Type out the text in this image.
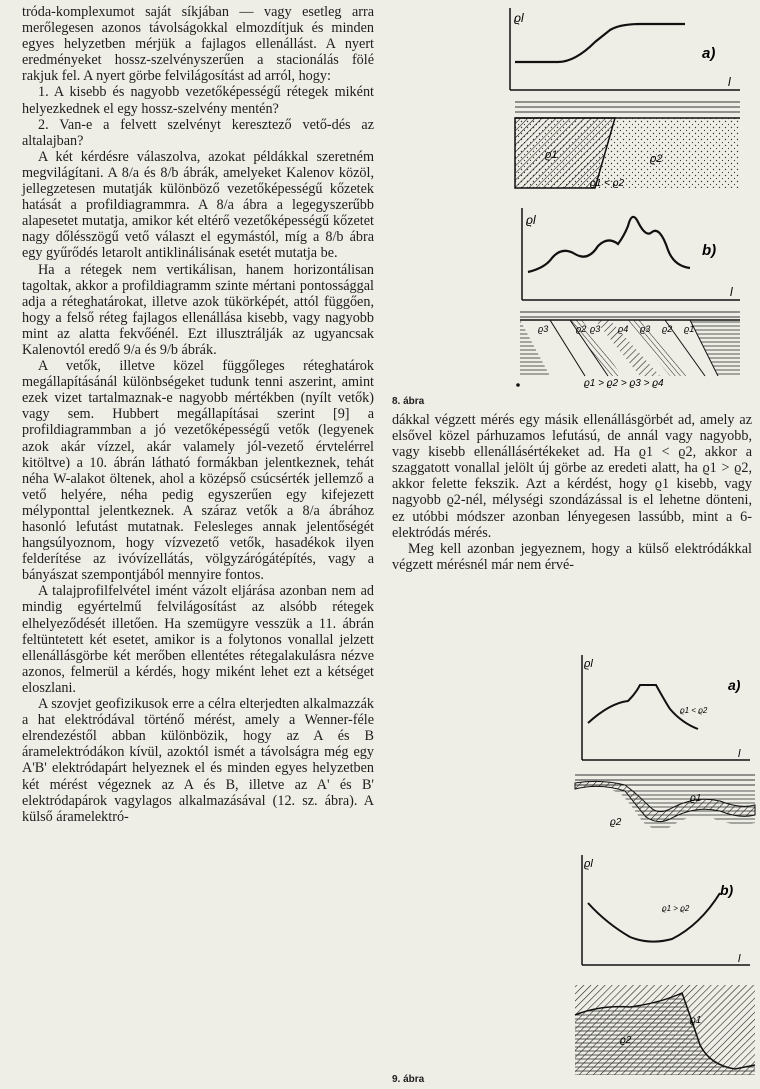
tróda-komplexumot saját síkjában — vagy esetleg arra merőlegesen azonos távolságokkal elmozdítjuk és minden egyes helyzetben mérjük a fajlagos ellenállást. A nyert eredményeket hossz-szelvényszerűen a stacionálás fölé rakjuk fel. A nyert görbe felvilágosítást ad arról, hogy:

1. A kisebb és nagyobb vezetőképességű rétegek miként helyezkednek el egy hossz-szelvény mentén?

2. Van-e a felvett szelvényt keresztező vető-dés az altalajban?

A két kérdésre válaszolva, azokat példákkal szeretném megvilágítani. A 8/a és 8/b ábrák, amelyeket Kalenov közöl, jellegzetesen mutatják különböző vezetőképességű kőzetek hatását a profildiagrammra. A 8/a ábra a legegyszerűbb alapesetet mutatja, amikor két eltérő vezetőképességű kőzetet nagy dőlésszögű vető választ el egymástól, míg a 8/b ábra egy gyűrődés letarolt antiklinálisának esetét mutatja be.

Ha a rétegek nem vertikálisan, hanem horizontálisan tagoltak, akkor a profildiagramm szinte mértani pontossággal adja a réteghatárokat, illetve azok tükörképét, attól függően, hogy a felső réteg fajlagos ellenállása kisebb, vagy nagyobb mint az alatta fekvőénél. Ezt illusztrálják az ugyancsak Kalenovtól eredő 9/a és 9/b ábrák.

A vetők, illetve közel függőleges réteghatárok megállapításánál különbségeket tudunk tenni aszerint, amint ezek vizet tartalmaznak-e nagyobb mértékben (nyílt vetők) vagy sem. Hubbert megállapításai szerint [9] a profildiagrammban a jó vezetőképességű vetők (legyenek azok akár vízzel, akár valamely jól-vezető érvtelérrel kitöltve) a 10. ábrán látható formákban jelentkeznek, tehát néha W-alakot öltenek, ahol a középső csúcsérték jellemző a vető helyére, néha pedig egyszerűen egy kifejezett mélyponttal jelentkeznek. A száraz vetők a 8/a ábrához hasonló lefutást mutatnak. Felesleges annak jelentőségét hangsúlyoznom, hogy vízvezető vetők, hasadékok ilyen felderítése az ivóvízellátás, völgyzárógátépítés, vagy a bányászat szempontjából mennyire fontos.

A talajprofilfelvétel imént vázolt eljárása azonban nem ad mindig egyértelmű felvilágosítást az alsóbb rétegek elhelyeződését illetően. Ha szemügyre vesszük a 11. ábrán feltüntetett két esetet, amikor is a folytonos vonallal jelzett ellenállásgörbe két merőben ellentétes rétegalakulásra nézve azonos, felmerül a kérdés, hogy miként lehet ezt a kétséget eloszlani.

A szovjet geofizikusok erre a célra elterjedten alkalmazzák a hat elektródával történő mérést, amely a Wenner-féle elrendezéstől abban különbözik, hogy az A és B áramelektródákon kívül, azoktól ismét a távolságra még egy A'B' elektródapárt helyeznek el és minden egyes helyzetben két mérést végeznek az A és B, illetve az A' és B' elektródapárok vagylagos alkalmazásával (12. sz. ábra). A külső áramelektró-

dákkal végzett mérés egy másik ellenállásgörbét ad, amely az elsővel közel párhuzamos lefutású, de annál vagy nagyobb, vagy kisebb ellenállásértékeket ad. Ha ϱ1 < ϱ2, akkor a szaggatott vonallal jelölt új görbe az eredeti alatt, ha ϱ1 > ϱ2, akkor felette fekszik. Azt a kérdést, hogy ϱ1 kisebb, vagy nagyobb ϱ2-nél, mélységi szondázással is el lehetne dönteni, ez utóbbi módszer azonban lényegesen lassúbb, mint a 6-elektródás mérés.

Meg kell azonban jegyeznem, hogy a külső elektródákkal végzett mérésnél már nem érvé-

ϱl
l
a)
ϱ1	ϱ2
ϱ1 < ϱ2
ϱl
l
b)
ϱ1 > ϱ2 > ϱ3 > ϱ4
ϱ3	ϱ2 ϱ3 ϱ4 ϱ3 ϱ2 ϱ1
8. ábra
ϱl
l
a)
ϱ1 < ϱ2
ϱ1
ϱ2
ϱl
l
b)
ϱ1 > ϱ2
ϱ1
ϱ2
9. ábra
